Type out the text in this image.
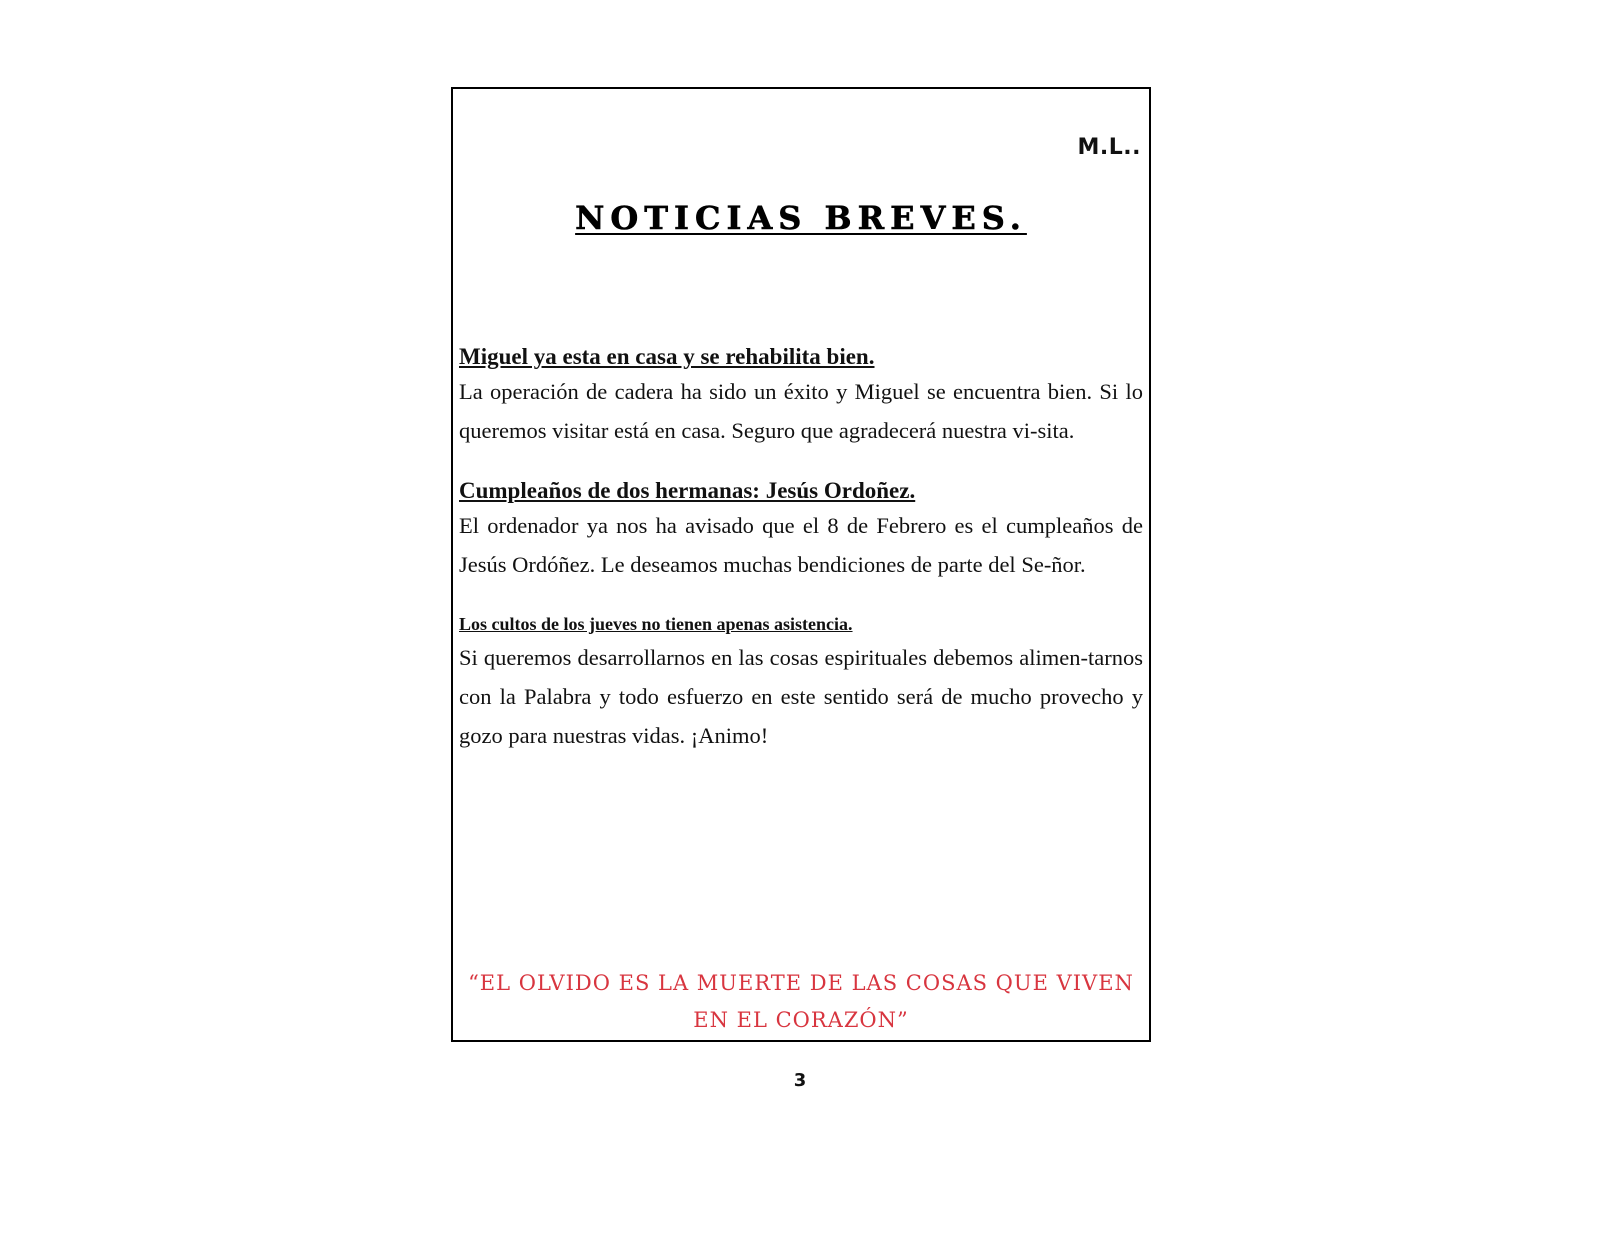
M.L..
NOTICIAS BREVES.

Miguel ya esta en casa y se rehabilita bien.

La operación de cadera ha sido un éxito y Miguel se encuentra bien. Si lo queremos visitar está en casa. Seguro que agradecerá nuestra vi-sita.

Cumpleaños de dos hermanas: Jesús Ordoñez.

El ordenador ya nos ha avisado que el 8 de Febrero es el cumpleaños de Jesús Ordóñez. Le deseamos muchas bendiciones de parte del Se-ñor.

Los cultos de los jueves no tienen apenas asistencia.

Si queremos desarrollarnos en las cosas espirituales debemos alimen-tarnos con la Palabra y todo esfuerzo en este sentido será de mucho provecho y gozo para nuestras vidas. ¡Animo!

“EL OLVIDO ES LA MUERTE DE LAS COSAS QUE VIVEN EN EL CORAZÓN”

3
